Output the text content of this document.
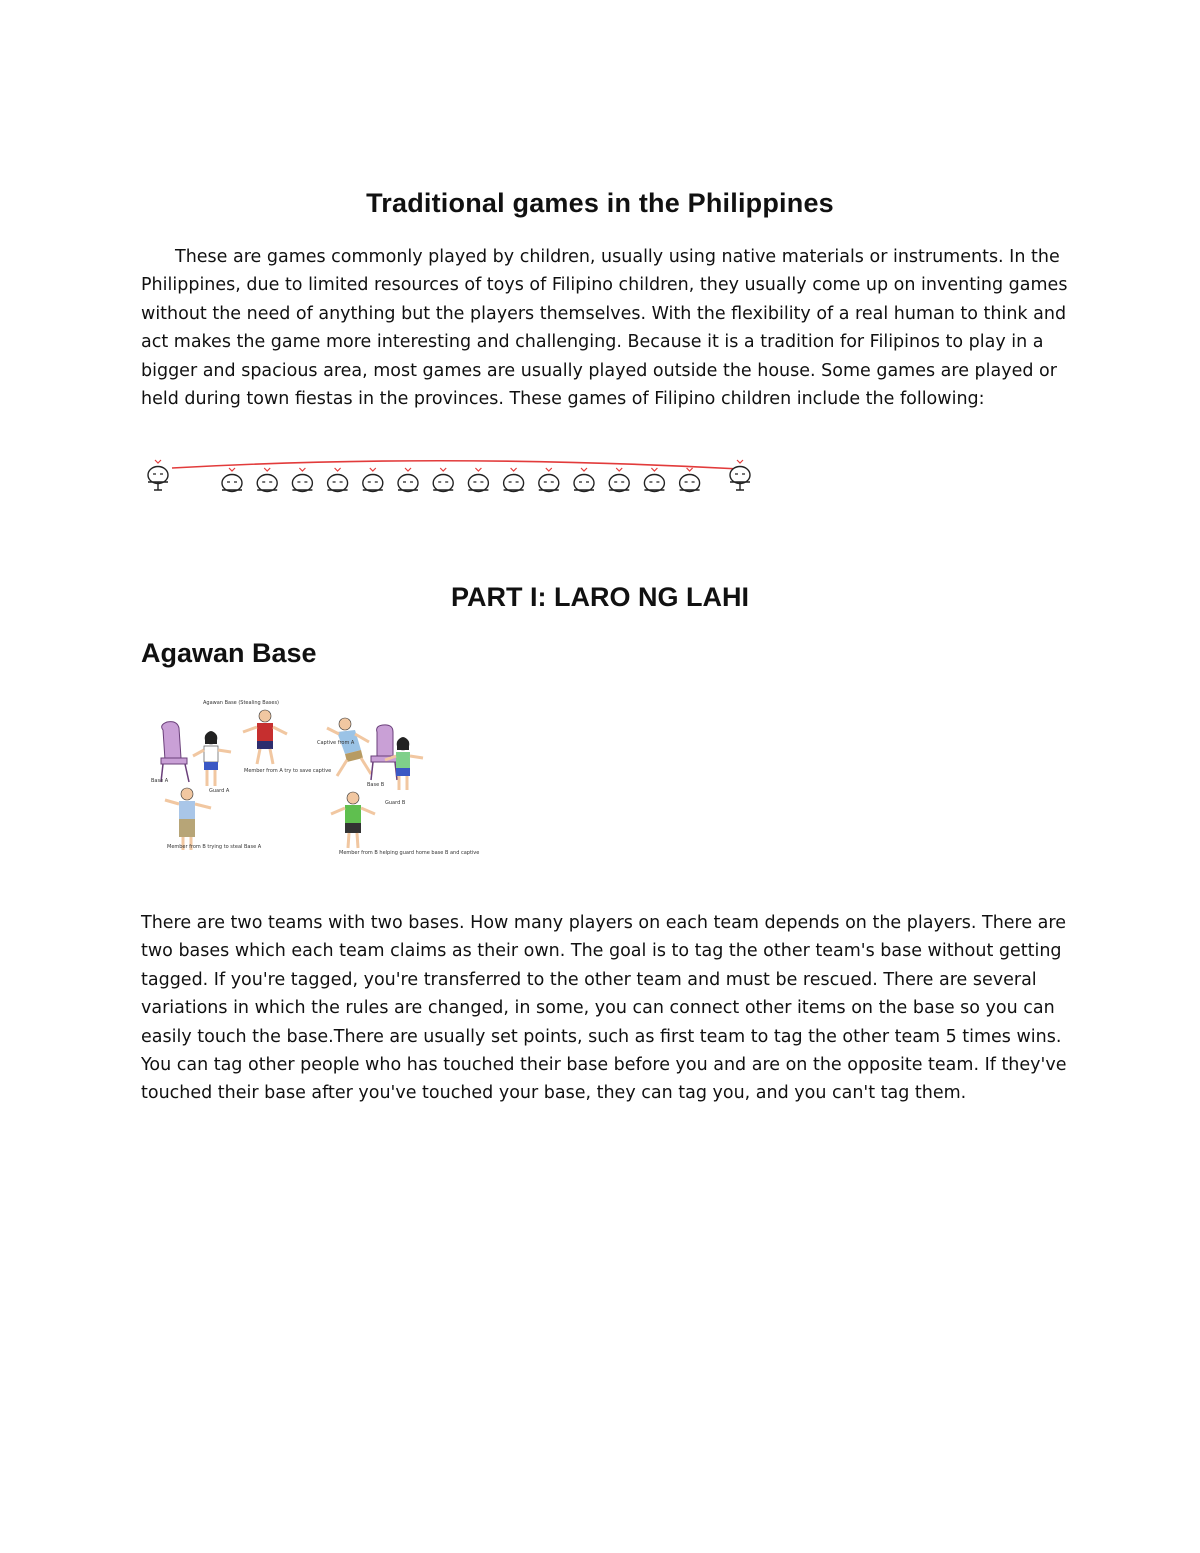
Traditional games in the Philippines
These are games commonly played by children, usually using native materials or instruments. In the Philippines, due to limited resources of toys of Filipino children, they usually come up on inventing games without the need of anything but the players themselves. With the flexibility of a real human to think and act makes the game more interesting and challenging. Because it is a tradition for Filipinos to play in a bigger and spacious area, most games are usually played outside the house. Some games are played or held during town fiestas in the provinces. These games of Filipino children include the following:
PART I: LARO NG LAHI
Agawan Base
Agawan Base (Stealing Bases)
Base A
Guard A
Member from A try to save captive
Captive from A
Base B
Guard B
Member from B trying to steal Base A
Member from B helping guard home base B and captive
There are two teams with two bases. How many players on each team depends on the players. There are two bases which each team claims as their own. The goal is to tag the other team's base without getting tagged. If you're tagged, you're transferred to the other team and must be rescued. There are several variations in which the rules are changed, in some, you can connect other items on the base so you can easily touch the base.There are usually set points, such as first team to tag the other team 5 times wins. You can tag other people who has touched their base before you and are on the opposite team. If they've touched their base after you've touched your base, they can tag you, and you can't tag them.
